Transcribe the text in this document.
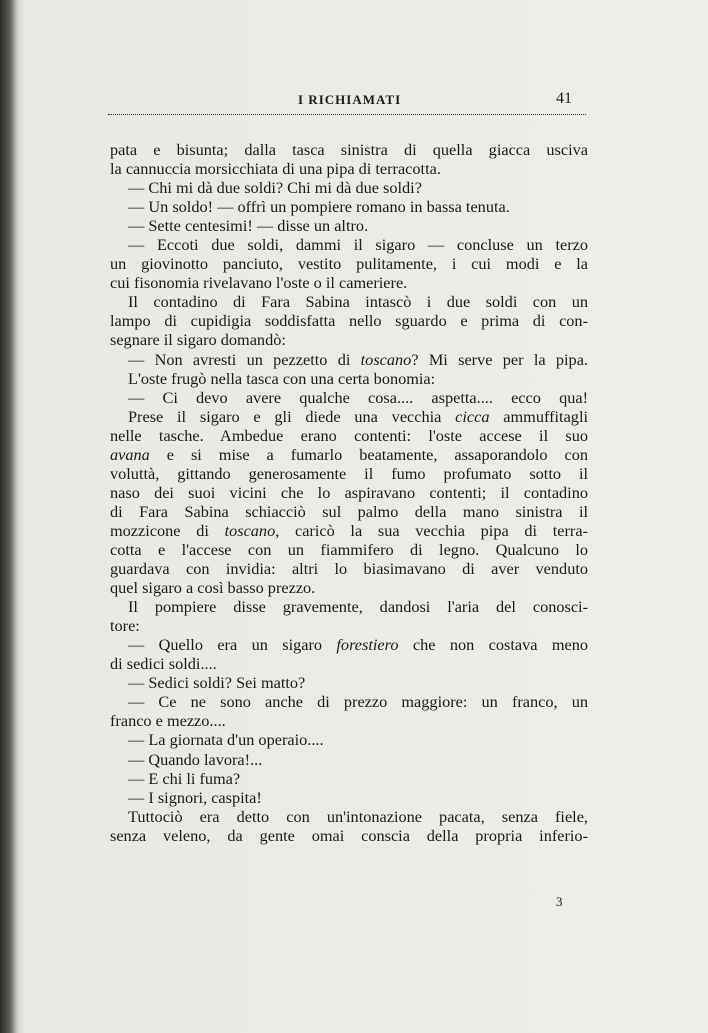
I RICHIAMATI	41
pata e bisunta; dalla tasca sinistra di quella giacca usciva
la cannuccia morsicchiata di una pipa di terracotta.
— Chi mi dà due soldi? Chi mi dà due soldi?
— Un soldo! — offrì un pompiere romano in bassa tenuta.
— Sette centesimi! — disse un altro.
— Eccoti due soldi, dammi il sigaro — concluse un terzo
un giovinotto panciuto, vestito pulitamente, i cui modi e la
cui fisonomia rivelavano l'oste o il cameriere.
Il contadino di Fara Sabina intascò i due soldi con un
lampo di cupidigia soddisfatta nello sguardo e prima di con-
segnare il sigaro domandò:
— Non avresti un pezzetto di toscano? Mi serve per la pipa.
L'oste frugò nella tasca con una certa bonomia:
— Ci devo avere qualche cosa.... aspetta.... ecco qua!
Prese il sigaro e gli diede una vecchia cicca ammuffitagli
nelle tasche. Ambedue erano contenti: l'oste accese il suo
avana e si mise a fumarlo beatamente, assaporandolo con
voluttà, gittando generosamente il fumo profumato sotto il
naso dei suoi vicini che lo aspiravano contenti; il contadino
di Fara Sabina schiacciò sul palmo della mano sinistra il
mozzicone di toscano, caricò la sua vecchia pipa di terra-
cotta e l'accese con un fiammifero di legno. Qualcuno lo
guardava con invidia: altri lo biasimavano di aver venduto
quel sigaro a così basso prezzo.
Il pompiere disse gravemente, dandosi l'aria del conosci-
tore:
— Quello era un sigaro forestiero che non costava meno
di sedici soldi....
— Sedici soldi? Sei matto?
— Ce ne sono anche di prezzo maggiore: un franco, un
franco e mezzo....
— La giornata d'un operaio....
— Quando lavora!...
— E chi li fuma?
— I signori, caspita!
Tuttociò era detto con un'intonazione pacata, senza fiele,
senza veleno, da gente omai conscia della propria inferio-
3
